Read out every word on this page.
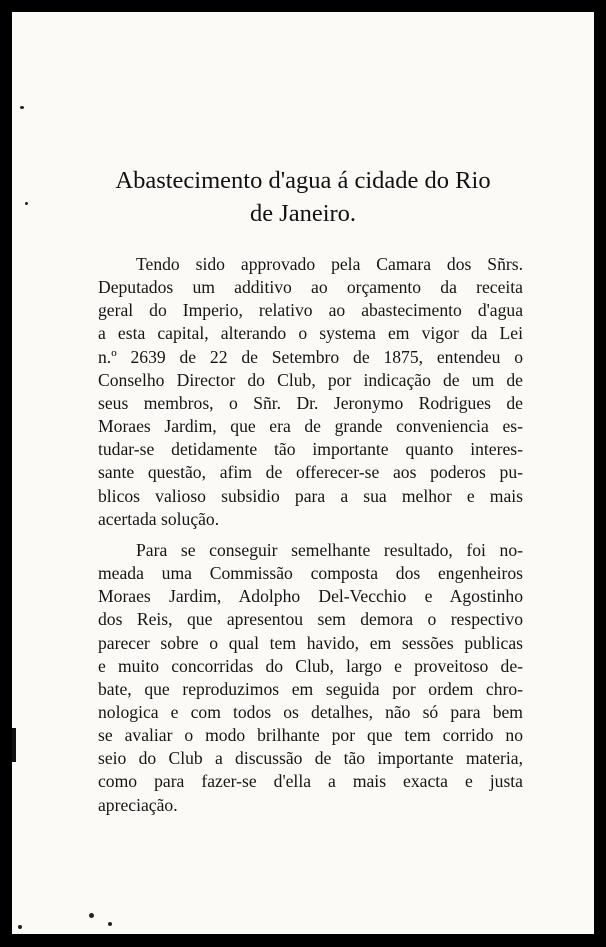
Abastecimento d'agua á cidade do Rio
de Janeiro.

Tendo sido approvado pela Camara dos Sñrs.
Deputados um additivo ao orçamento da receita
geral do Imperio, relativo ao abastecimento d'agua
a esta capital, alterando o systema em vigor da Lei
n.º 2639 de 22 de Setembro de 1875, entendeu o
Conselho Director do Club, por indicação de um de
seus membros, o Sñr. Dr. Jeronymo Rodrigues de
Moraes Jardim, que era de grande conveniencia es-
tudar-se detidamente tão importante quanto interes-
sante questão, afim de offerecer-se aos poderos pu-
blicos valioso subsidio para a sua melhor e mais
acertada solução.

Para se conseguir semelhante resultado, foi no-
meada uma Commissão composta dos engenheiros
Moraes Jardim, Adolpho Del-Vecchio e Agostinho
dos Reis, que apresentou sem demora o respectivo
parecer sobre o qual tem havido, em sessões publicas
e muito concorridas do Club, largo e proveitoso de-
bate, que reproduzimos em seguida por ordem chro-
nologica e com todos os detalhes, não só para bem
se avaliar o modo brilhante por que tem corrido no
seio do Club a discussão de tão importante materia,
como para fazer-se d'ella a mais exacta e justa
apreciação.
